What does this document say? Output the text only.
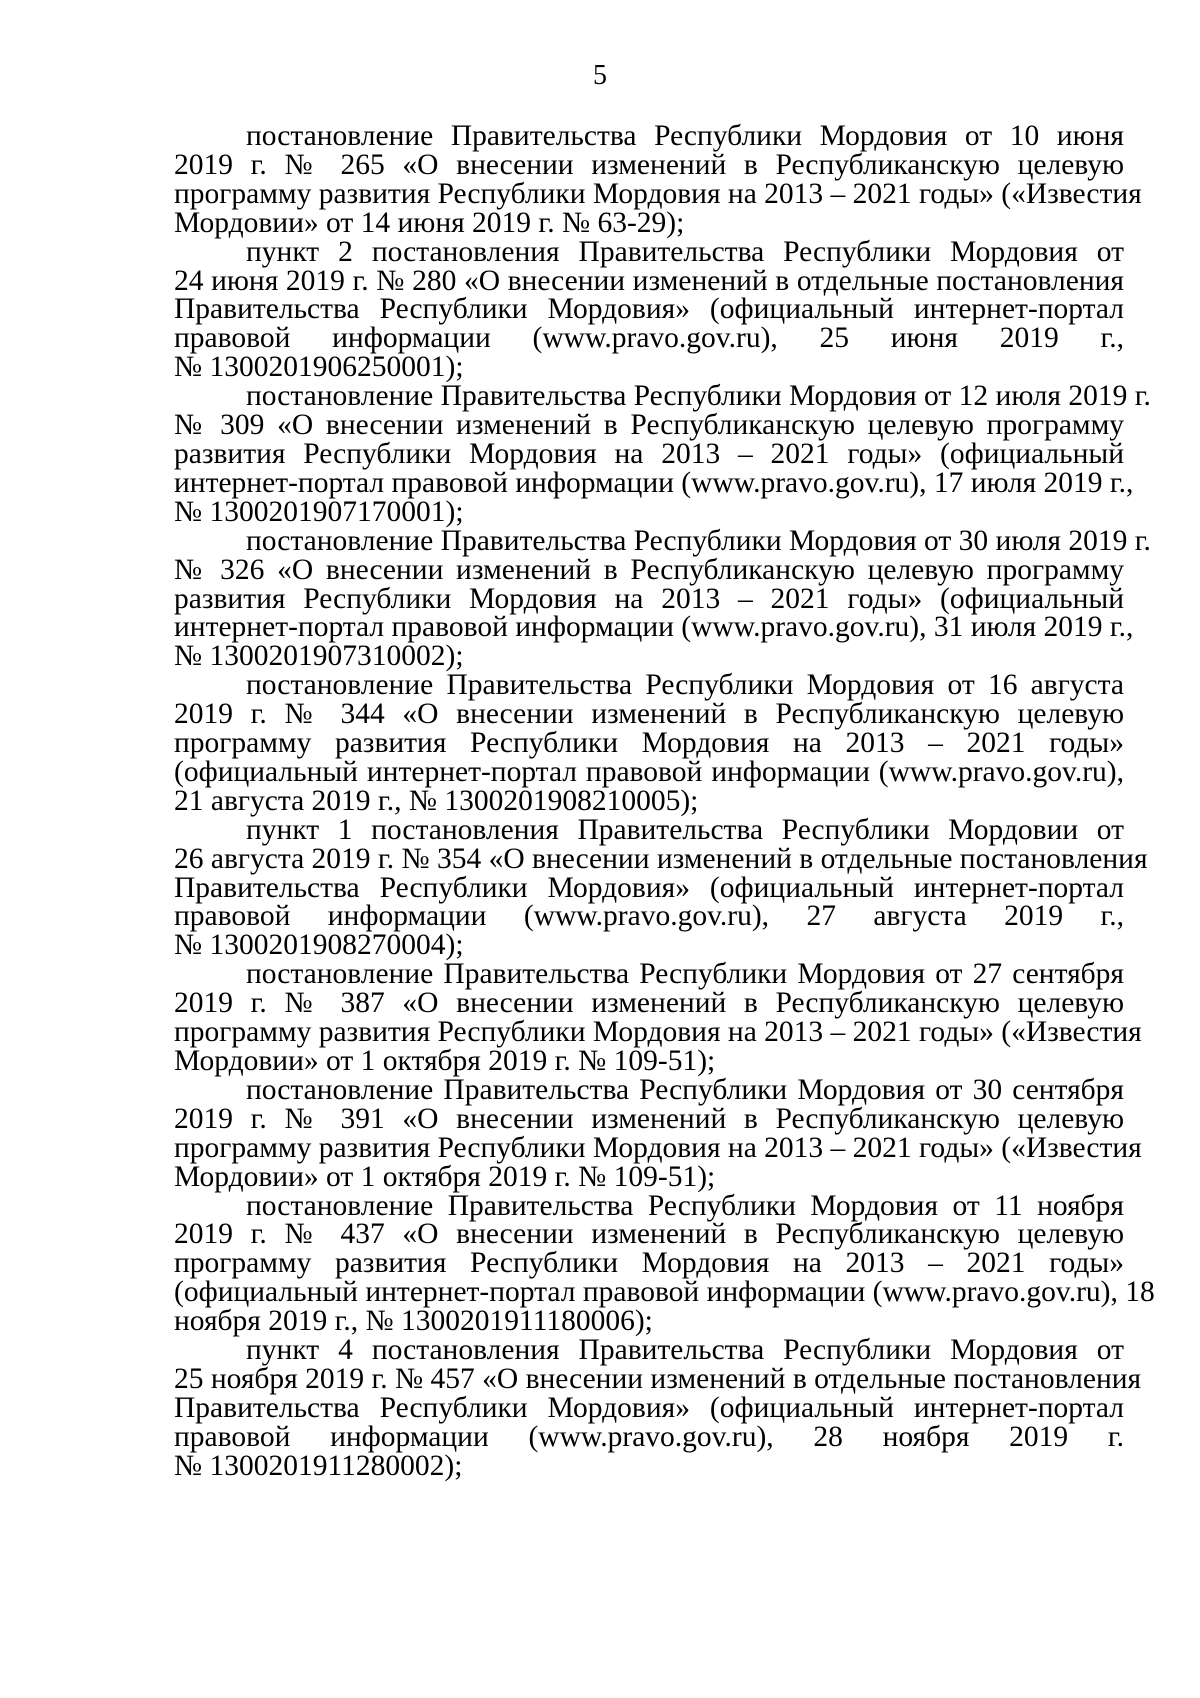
5
постановление Правительства Республики Мордовия от 10 июня
2019 г. № 265 «О внесении изменений в Республиканскую целевую
программу развития Республики Мордовия на 2013 – 2021 годы» («Известия
Мордовии» от 14 июня 2019 г. № 63-29);
пункт 2 постановления Правительства Республики Мордовия от
24 июня 2019 г. № 280 «О внесении изменений в отдельные постановления
Правительства Республики Мордовия» (официальный интернет-портал
правовой информации (www.pravo.gov.ru), 25 июня 2019 г.,
№ 1300201906250001);
постановление Правительства Республики Мордовия от 12 июля 2019 г.
№ 309 «О внесении изменений в Республиканскую целевую программу
развития Республики Мордовия на 2013 – 2021 годы» (официальный
интернет-портал правовой информации (www.pravo.gov.ru), 17 июля 2019 г.,
№ 1300201907170001);
постановление Правительства Республики Мордовия от 30 июля 2019 г.
№ 326 «О внесении изменений в Республиканскую целевую программу
развития Республики Мордовия на 2013 – 2021 годы» (официальный
интернет-портал правовой информации (www.pravo.gov.ru), 31 июля 2019 г.,
№ 1300201907310002);
постановление Правительства Республики Мордовия от 16 августа
2019 г. № 344 «О внесении изменений в Республиканскую целевую
программу развития Республики Мордовия на 2013 – 2021 годы»
(официальный интернет-портал правовой информации (www.pravo.gov.ru),
21 августа 2019 г., № 1300201908210005);
пункт 1 постановления Правительства Республики Мордовии от
26 августа 2019 г. № 354 «О внесении изменений в отдельные постановления
Правительства Республики Мордовия» (официальный интернет-портал
правовой информации (www.pravo.gov.ru), 27 августа 2019 г.,
№ 1300201908270004);
постановление Правительства Республики Мордовия от 27 сентября
2019 г. № 387 «О внесении изменений в Республиканскую целевую
программу развития Республики Мордовия на 2013 – 2021 годы» («Известия
Мордовии» от 1 октября 2019 г. № 109-51);
постановление Правительства Республики Мордовия от 30 сентября
2019 г. № 391 «О внесении изменений в Республиканскую целевую
программу развития Республики Мордовия на 2013 – 2021 годы» («Известия
Мордовии» от 1 октября 2019 г. № 109-51);
постановление Правительства Республики Мордовия от 11 ноября
2019 г. № 437 «О внесении изменений в Республиканскую целевую
программу развития Республики Мордовия на 2013 – 2021 годы»
(официальный интернет-портал правовой информации (www.pravo.gov.ru), 18
ноября 2019 г., № 1300201911180006);
пункт 4 постановления Правительства Республики Мордовия от
25 ноября 2019 г. № 457 «О внесении изменений в отдельные постановления
Правительства Республики Мордовия» (официальный интернет-портал
правовой информации (www.pravo.gov.ru), 28 ноября 2019 г.
№ 1300201911280002);
